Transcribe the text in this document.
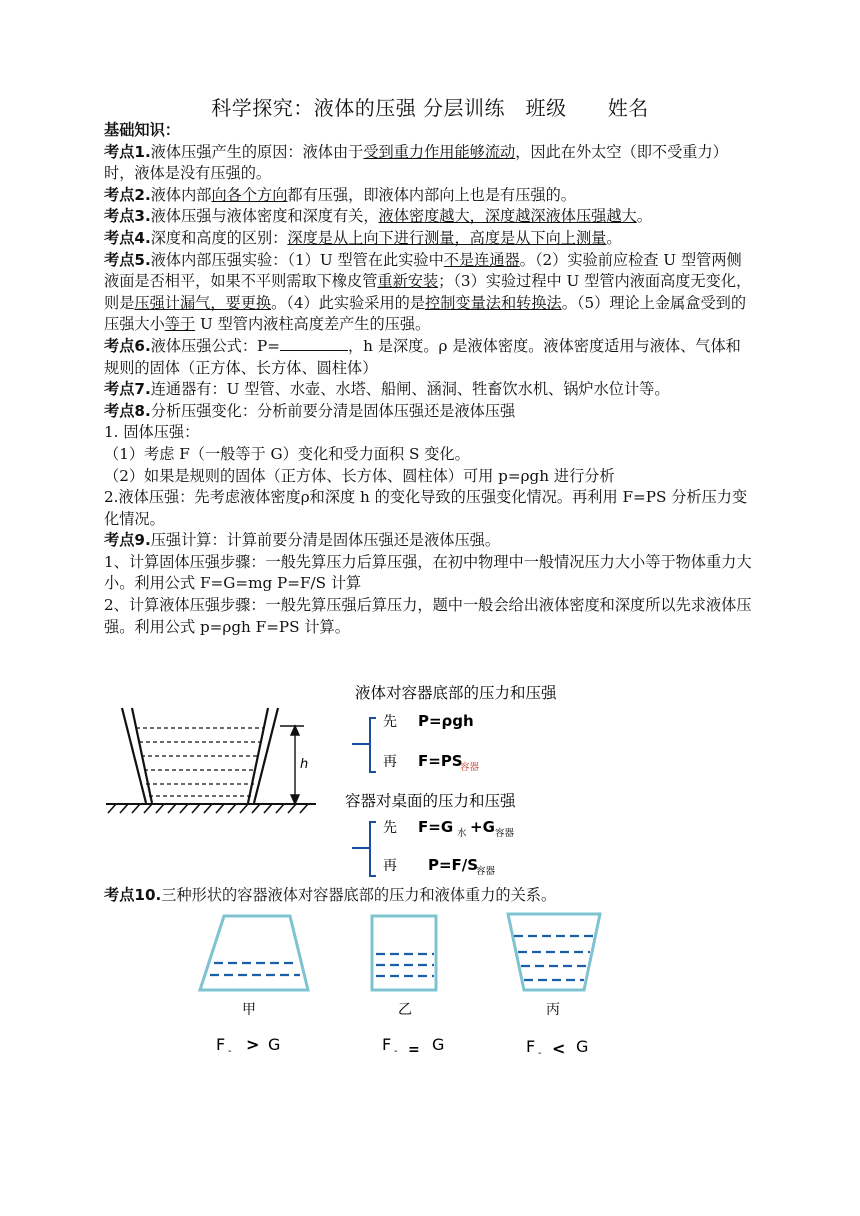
科学探究：液体的压强 分层训练   班级      姓名

基础知识：

考点1.液体压强产生的原因：液体由于受到重力作用能够流动，因此在外太空（即不受重力）时，液体是没有压强的。

考点2.液体内部向各个方向都有压强，即液体内部向上也是有压强的。

考点3.液体压强与液体密度和深度有关，液体密度越大，深度越深液体压强越大。

考点4.深度和高度的区别：深度是从上向下进行测量，高度是从下向上测量。

考点5.液体内部压强实验：（1）U 型管在此实验中不是连通器。（2）实验前应检查 U 型管两侧液面是否相平，如果不平则需取下橡皮管重新安装；（3）实验过程中 U 型管内液面高度无变化，则是压强计漏气，要更换。（4）此实验采用的是控制变量法和转换法。（5）理论上金属盒受到的压强大小等于 U 型管内液柱高度差产生的压强。

考点6.液体压强公式：P=	，h 是深度。ρ 是液体密度。液体密度适用与液体、气体和规则的固体（正方体、长方体、圆柱体）

考点7.连通器有：U 型管、水壶、水塔、船闸、涵洞、牲畜饮水机、锅炉水位计等。

考点8.分析压强变化：分析前要分清是固体压强还是液体压强

1. 固体压强：

（1）考虑 F（一般等于 G）变化和受力面积 S 变化。

（2）如果是规则的固体（正方体、长方体、圆柱体）可用 p=ρgh 进行分析

2.液体压强：先考虑液体密度ρ和深度 h 的变化导致的压强变化情况。再利用 F=PS 分析压力变化情况。

考点9.压强计算：计算前要分清是固体压强还是液体压强。

1、计算固体压强步骤：一般先算压力后算压强，在初中物理中一般情况压力大小等于物体重力大小。利用公式 F=G=mg P=F/S 计算

2、计算液体压强步骤：一般先算压强后算压力，题中一般会给出液体密度和深度所以先求液体压强。利用公式 p=ρgh F=PS 计算。

h
液体对容器底部的压力和压强
先 P=ρgh
再 F=PS
容器
容器对桌面的压力和压强
先 F=G 水 +G 容器
再 P=F/S
容器
考点10.三种形状的容器液体对容器底部的压力和液体重力的关系。
甲
F - > G
乙
F - = G
丙
F - < G
